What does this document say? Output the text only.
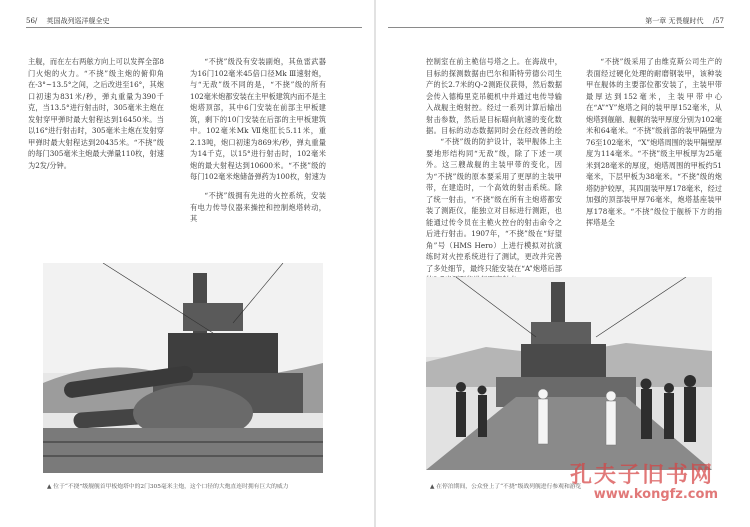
56/ 　英国战列巡洋舰全史

主舰，而在左右两舷方向上可以发挥全部8门火炮的火力。“不挠”级主炮的俯仰角在-3°~13.5°之间，之后改进至16°，其炮口初速为831米/秒，弹丸重量为390千克，当13.5°进行射击时，305毫米主炮在发射穿甲弹时最大射程达到16450米。当以16°进行射击时，305毫米主炮在发射穿甲弹时最大射程达到20435米。“不挠”级的每门305毫米主炮最大弹量110枚，射速为2发/分钟。

“不挠”级没有安装副炮，其鱼雷武器为16门102毫米45倍口径Mk Ⅲ速射炮，与“无敌”级不同的是，“不挠”级的所有102毫米炮都安装在主甲板建筑内而不是主炮塔顶部，其中6门安装在前部主甲板建筑，剩下的10门安装在后部的主甲板建筑中。102毫米Mk Ⅶ炮肛长5.11米，重2.13吨，炮口初速为869米/秒，弹丸重量为14千克，以15°进行射击时，102毫米炮的最大射程达到10600米。“不挠”级的每门102毫米炮储备弹药为100枚，射速为

“不挠”级拥有先进的火控系统，安装有电力传导仪器来操控和控制炮塔转动，其

▲ 位于“不挠”级舰舰首甲板炮塔中的2门305毫米主炮，这个口径的大炮直连时拥有巨大的威力
第一章 无畏舰时代 　/57

控制室在前主桅信号塔之上。在海战中，目标的探测数据由巴尔和斯特劳德公司生产的长2.7米的Q-2测距仪获得，然后数据会传入德梅里克吊艇机中并通过电传导输入战舰主炮射控。经过一系列计算后输出射击参数，然后是目标瞄向航速的变化数据。目标的动态数据同时会在经改善的绘

“不挠”级的防护设计，装甲舰体上主要地形结构同“无敌”级，除了下述一项外。这三艘战舰的主装甲带的变化，因为“不挠”级的原本要采用了更厚的主装甲带，在建造时，一个高效的射击系统。除了统一射击，“不挠”级在所有主炮塔都安装了测距仪，能独立对目标进行测距，也能通过传令员在主桅火控台的射击命令之后进行射击。1907年，“不挠”级在“好望角”号（HMS Hero）上进行模拟对抗演练时对火控系统进行了测试，更改并完善了多处细节，最终只能安装在“A”炮塔后部

“不挠”级采用了由维克斯公司生产的表面经过硬化处理的耐磨钢装甲，该种装甲在舰体的主要部位都安装了，主装甲带最厚达到152毫米，主装甲带中心在“A”“Y”炮塔之间的装甲厚152毫米，从炮塔到舰艏、舰艉的装甲厚度分别为102毫米和64毫米。“不挠”级前部的装甲隔壁为76至102毫米，“X”炮塔周围的装甲隔壁厚度为114毫米。“不挠”级主甲板厚为25毫米到28毫米的厚度，炮塔周围的甲板约51毫米，下层甲板为38毫米。“不挠”级的炮塔防护较厚，其四面装甲厚178毫米，经过加强的顶部装甲厚76毫米，炮塔基座装甲厚178毫米。“不挠”级位于舰桥下方的指挥塔是全

▲ 在停泊期间，公众登上了“不挠”级战列舰进行参观和游览
孔夫子旧书网
www.kongfz.com
